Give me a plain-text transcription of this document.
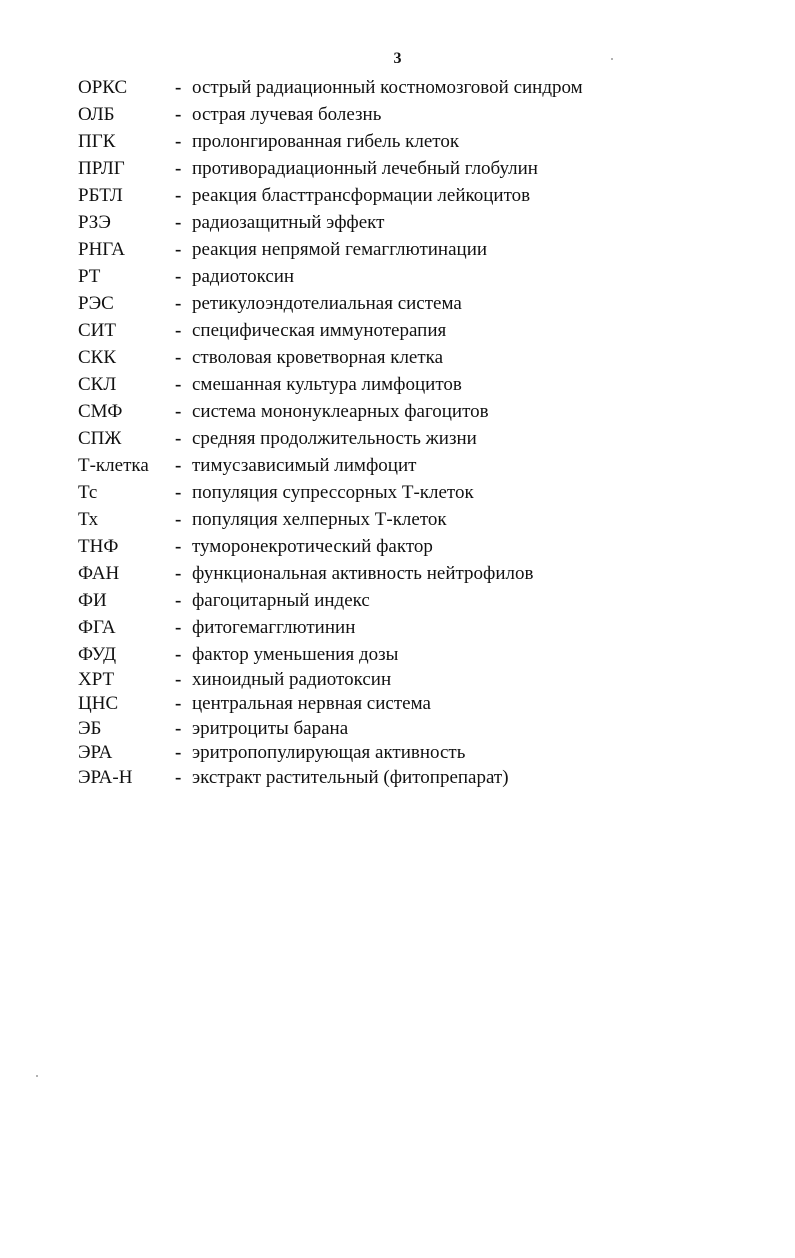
3
ОРКС	- острый радиационный костномозговой синдром
ОЛБ	- острая лучевая болезнь
ПГК	- пролонгированная гибель клеток
ПРЛГ	- противорадиационный лечебный глобулин
РБТЛ	- реакция бласттрансформации лейкоцитов
РЗЭ	- радиозащитный эффект
РНГА	- реакция непрямой гемагглютинации
РТ	- радиотоксин
РЭС	- ретикулоэндотелиальная система
СИТ	- специфическая иммунотерапия
СКК	- стволовая кроветворная клетка
СКЛ	- смешанная культура лимфоцитов
СМФ	- система мононуклеарных фагоцитов
СПЖ	- средняя продолжительность жизни
Т-клетка - тимусзависимый лимфоцит
Тс	- популяция супрессорных Т-клеток
Тх	- популяция хелперных Т-клеток
ТНФ	- туморонекротический фактор
ФАН	- функциональная активность нейтрофилов
ФИ	- фагоцитарный индекс
ФГА	- фитогемагглютинин
ФУД	- фактор уменьшения дозы
ХРТ	- хиноидный радиотоксин
ЦНС	- центральная нервная система
ЭБ	- эритроциты барана
ЭРА	- эритропопулирующая активность
ЭРА-Н - экстракт растительный (фитопрепарат)
